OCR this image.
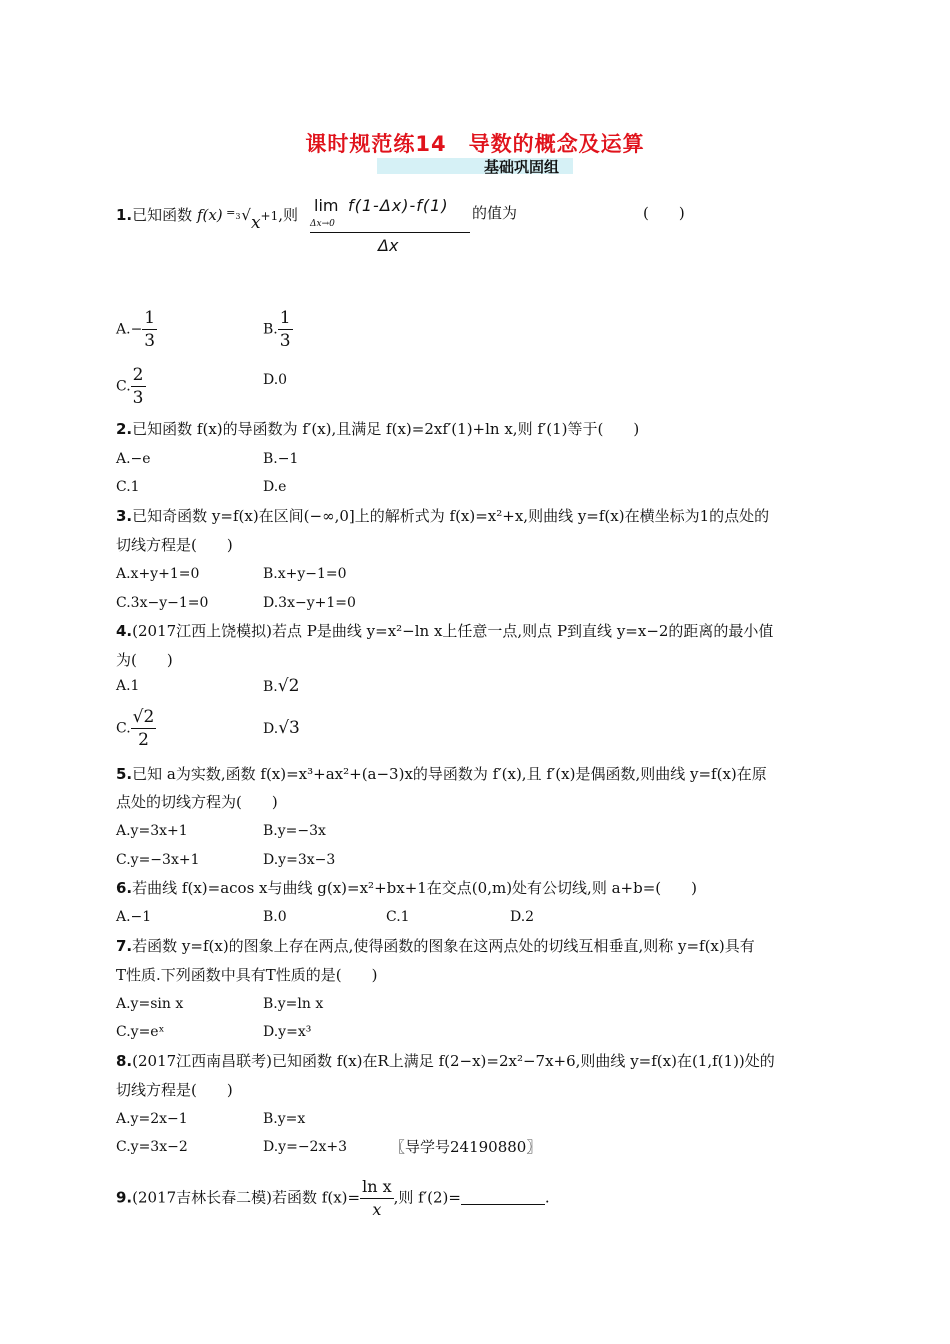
课时规范练14　导数的概念及运算
基础巩固组
1.已知函数 f(x) = 3 √x+1,则 lim
Δx→0
f(1-Δx)-f(1)
Δx
的值为	(　　)
$A.- \frac{1}{3}$	B. $\frac{1}{3}$
C. $\frac{2}{3}$	D.0
2.已知函数 f(x)的导函数为 f′(x),且满足 f(x)=2xf′(1)+ln x,则 f′(1)等于(　　)
A.−e	B.−1
C.1	D.e
3.已知奇函数 y=f(x)在区间(−∞,0]上的解析式为 f(x)=x²+x,则曲线 y=f(x)在横坐标为1的点处的
切线方程是(　　)
A.x+y+1=0	B.x+y−1=0
C.3x−y−1=0	D.3x−y+1=0
4.(2017江西上饶模拟)若点 P是曲线 y=x²−ln x上任意一点,则点 P到直线 y=x−2的距离的最小值
为(　　)
A.1	B.√2
C. $\frac{√2}{2}$	D.√3
5.已知 a为实数,函数 f(x)=x³+ax²+(a−3)x的导函数为 f′(x),且 f′(x)是偶函数,则曲线 y=f(x)在原
点处的切线方程为(　　)
A.y=3x+1	B.y=−3x
C.y=−3x+1	D.y=3x−3
6.若曲线 f(x)=acos x与曲线 g(x)=x²+bx+1在交点(0,m)处有公切线,则 a+b=(　　)
A.−1	B.0	C.1	D.2
7.若函数 y=f(x)的图象上存在两点,使得函数的图象在这两点处的切线互相垂直,则称 y=f(x)具有
T性质.下列函数中具有T性质的是(　　)
A.y=sin x	B.y=ln x
C.y=eˣ	D.y=x³
8.(2017江西南昌联考)已知函数 f(x)在R上满足 f(2−x)=2x²−7x+6,则曲线 y=f(x)在(1,f(1))处的
切线方程是(　　)
A.y=2x−1	B.y=x
C.y=3x−2	D.y=−2x+3	〖导学号24190880〗
9.(2017吉林长春二模)若函数 $f(x)= \frac{\text{ln x}}{x}$ ,则 f′(2)=	.
